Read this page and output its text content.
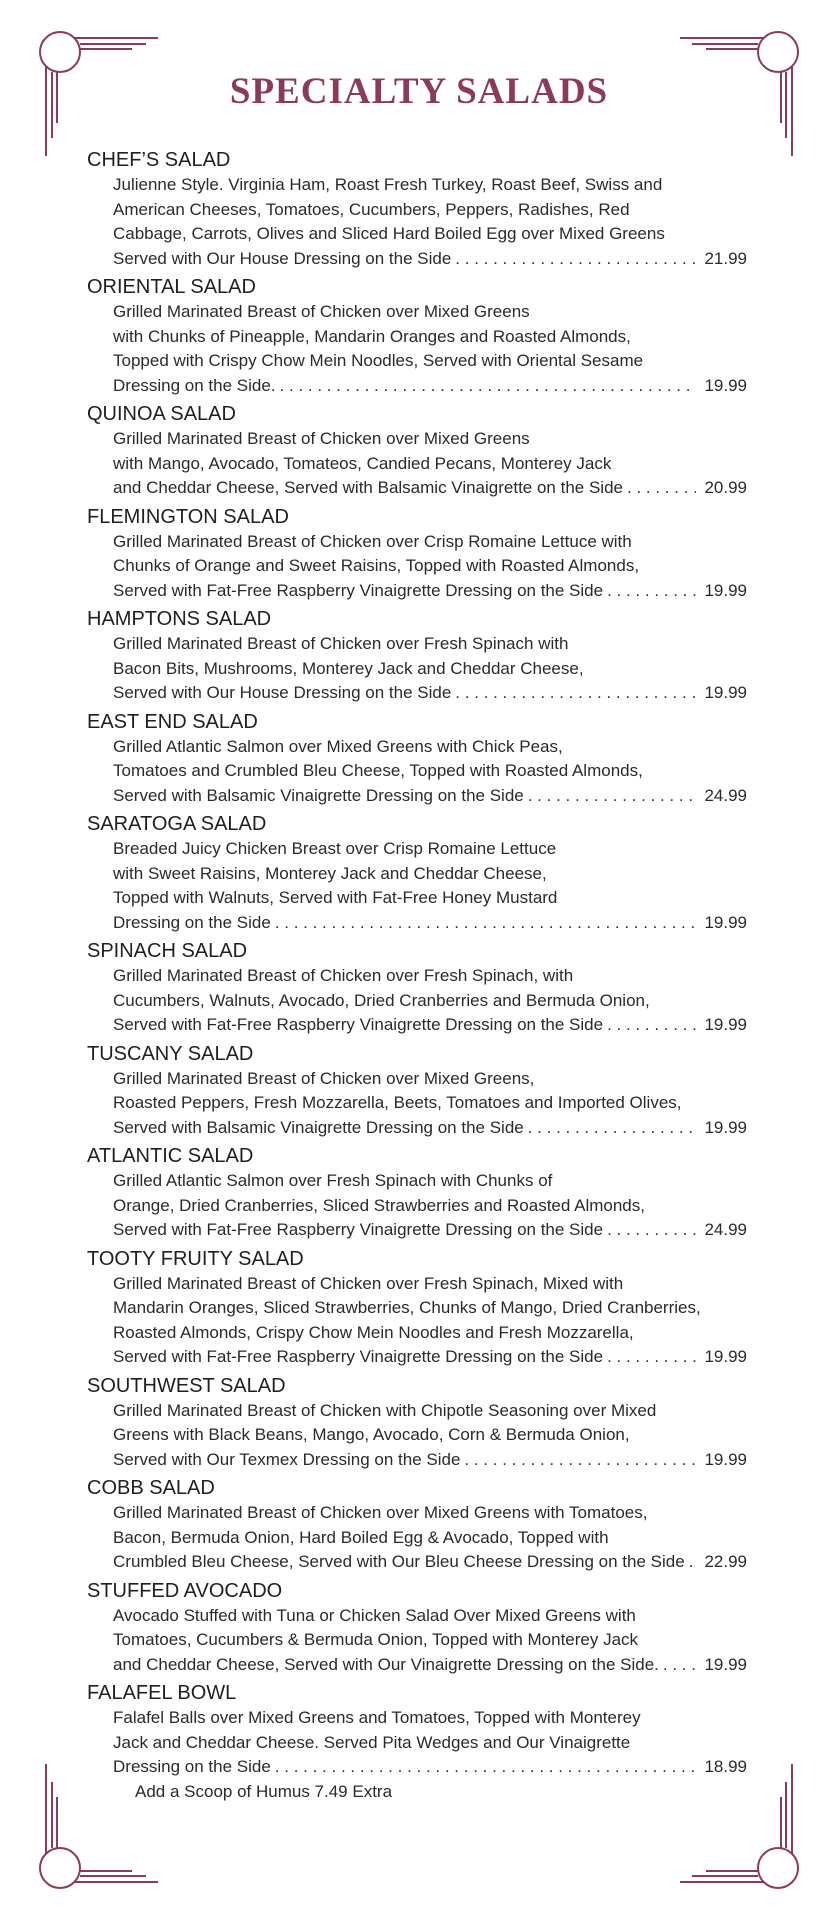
SPECIALTY SALADS
CHEF’S SALAD
Julienne Style. Virginia Ham, Roast Fresh Turkey, Roast Beef, Swiss and
American Cheeses, Tomatoes, Cucumbers, Peppers, Radishes, Red
Cabbage, Carrots, Olives and Sliced Hard Boiled Egg over Mixed Greens
Served with Our House Dressing on the Side . . .	21.99
ORIENTAL SALAD
Grilled Marinated Breast of Chicken over Mixed Greens
with Chunks of Pineapple, Mandarin Oranges and Roasted Almonds,
Topped with Crispy Chow Mein Noodles, Served with Oriental Sesame
Dressing on the Side. . . .	19.99
QUINOA SALAD
Grilled Marinated Breast of Chicken over Mixed Greens
with Mango, Avocado, Tomateos, Candied Pecans, Monterey Jack
and Cheddar Cheese, Served with Balsamic Vinaigrette on the Side . . .	20.99
FLEMINGTON SALAD
Grilled Marinated Breast of Chicken over Crisp Romaine Lettuce with
Chunks of Orange and Sweet Raisins, Topped with Roasted Almonds,
Served with Fat-Free Raspberry Vinaigrette Dressing on the Side . . .	19.99
HAMPTONS SALAD
Grilled Marinated Breast of Chicken over Fresh Spinach with
Bacon Bits, Mushrooms, Monterey Jack and Cheddar Cheese,
Served with Our House Dressing on the Side . . .	19.99
EAST END SALAD
Grilled Atlantic Salmon over Mixed Greens with Chick Peas,
Tomatoes and Crumbled Bleu Cheese, Topped with Roasted Almonds,
Served with Balsamic Vinaigrette Dressing on the Side . . .	24.99
SARATOGA SALAD
Breaded Juicy Chicken Breast over Crisp Romaine Lettuce
with Sweet Raisins, Monterey Jack and Cheddar Cheese,
Topped with Walnuts, Served with Fat-Free Honey Mustard
Dressing on the Side . . .	19.99
SPINACH SALAD
Grilled Marinated Breast of Chicken over Fresh Spinach, with
Cucumbers, Walnuts, Avocado, Dried Cranberries and Bermuda Onion,
Served with Fat-Free Raspberry Vinaigrette Dressing on the Side . . .	19.99
TUSCANY SALAD
Grilled Marinated Breast of Chicken over Mixed Greens,
Roasted Peppers, Fresh Mozzarella, Beets, Tomatoes and Imported Olives,
Served with Balsamic Vinaigrette Dressing on the Side . . .	19.99
ATLANTIC SALAD
Grilled Atlantic Salmon over Fresh Spinach with Chunks of
Orange, Dried Cranberries, Sliced Strawberries and Roasted Almonds,
Served with Fat-Free Raspberry Vinaigrette Dressing on the Side . . .	24.99
TOOTY FRUITY SALAD
Grilled Marinated Breast of Chicken over Fresh Spinach, Mixed with
Mandarin Oranges, Sliced Strawberries, Chunks of Mango, Dried Cranberries,
Roasted Almonds, Crispy Chow Mein Noodles and Fresh Mozzarella,
Served with Fat-Free Raspberry Vinaigrette Dressing on the Side . . .	19.99
SOUTHWEST SALAD
Grilled Marinated Breast of Chicken with Chipotle Seasoning over Mixed
Greens with Black Beans, Mango, Avocado, Corn & Bermuda Onion,
Served with Our Texmex Dressing on the Side . . .	19.99
COBB SALAD
Grilled Marinated Breast of Chicken over Mixed Greens with Tomatoes,
Bacon, Bermuda Onion, Hard Boiled Egg & Avocado, Topped with
Crumbled Bleu Cheese, Served with Our Bleu Cheese Dressing on the Side . . . 22.99
STUFFED AVOCADO
Avocado Stuffed with Tuna or Chicken Salad Over Mixed Greens with
Tomatoes, Cucumbers & Bermuda Onion, Topped with Monterey Jack
and Cheddar Cheese, Served with Our Vinaigrette Dressing on the Side. . . .	19.99
FALAFEL BOWL
Falafel Balls over Mixed Greens and Tomatoes, Topped with Monterey
Jack and Cheddar Cheese. Served Pita Wedges and Our Vinaigrette
Dressing on the Side . . .	18.99
Add a Scoop of Humus 7.49 Extra
